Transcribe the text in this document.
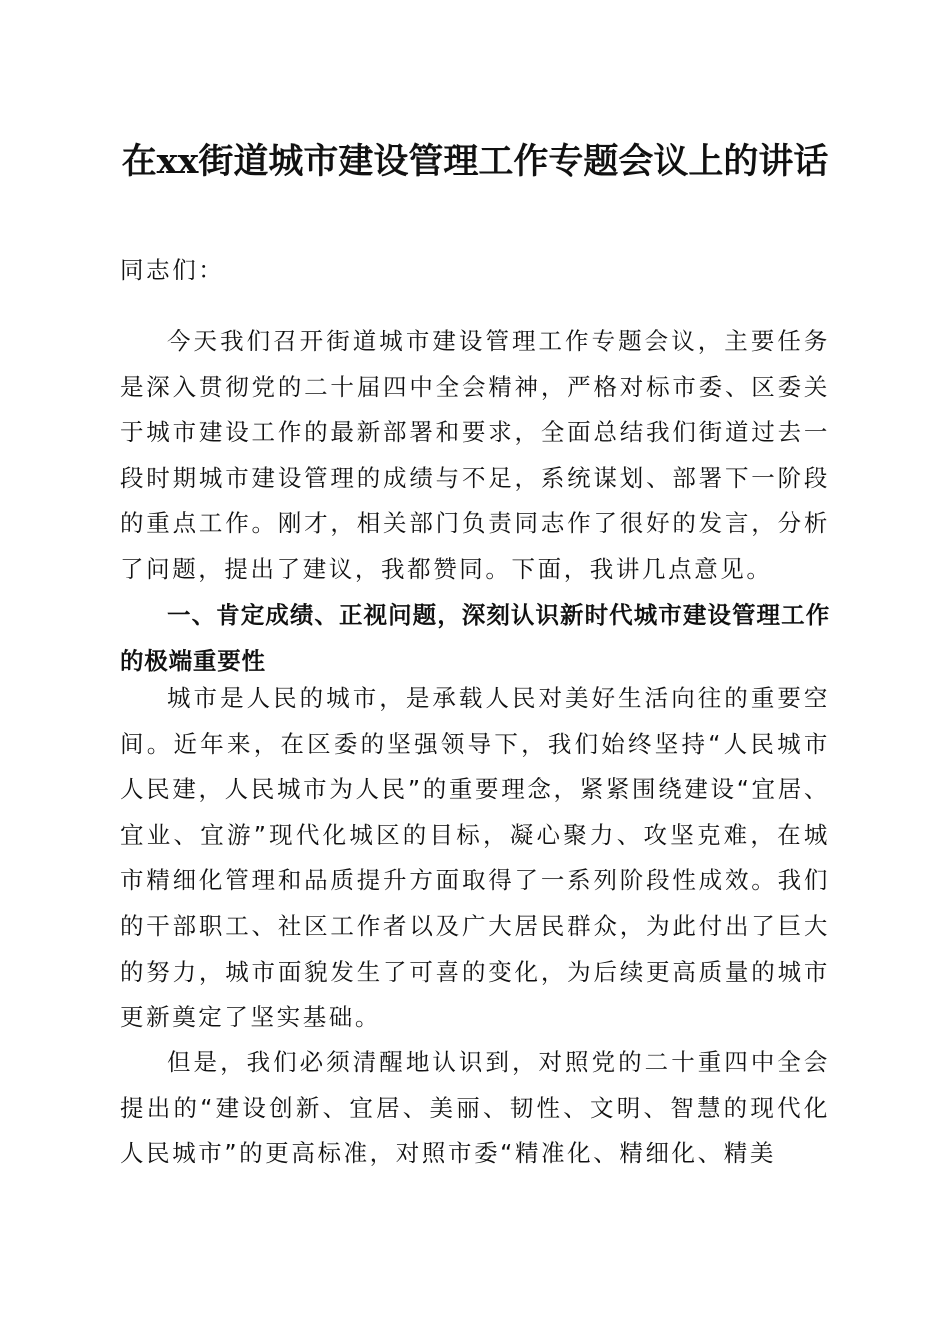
在xx街道城市建设管理工作专题会议上的讲话

同志们：

今天我们召开街道城市建设管理工作专题会议，主要任务是深入贯彻党的二十届四中全会精神，严格对标市委、区委关于城市建设工作的最新部署和要求，全面总结我们街道过去一段时期城市建设管理的成绩与不足，系统谋划、部署下一阶段的重点工作。刚才，相关部门负责同志作了很好的发言，分析了问题，提出了建议，我都赞同。下面，我讲几点意见。

一、肯定成绩、正视问题，深刻认识新时代城市建设管理工作的极端重要性

城市是人民的城市，是承载人民对美好生活向往的重要空间。近年来，在区委的坚强领导下，我们始终坚持“人民城市人民建，人民城市为人民”的重要理念，紧紧围绕建设“宜居、宜业、宜游”现代化城区的目标，凝心聚力、攻坚克难，在城市精细化管理和品质提升方面取得了一系列阶段性成效。我们的干部职工、社区工作者以及广大居民群众，为此付出了巨大的努力，城市面貌发生了可喜的变化，为后续更高质量的城市更新奠定了坚实基础。

但是，我们必须清醒地认识到，对照党的二十重四中全会提出的“建设创新、宜居、美丽、韧性、文明、智慧的现代化人民城市”的更高标准，对照市委“精准化、精细化、精美
